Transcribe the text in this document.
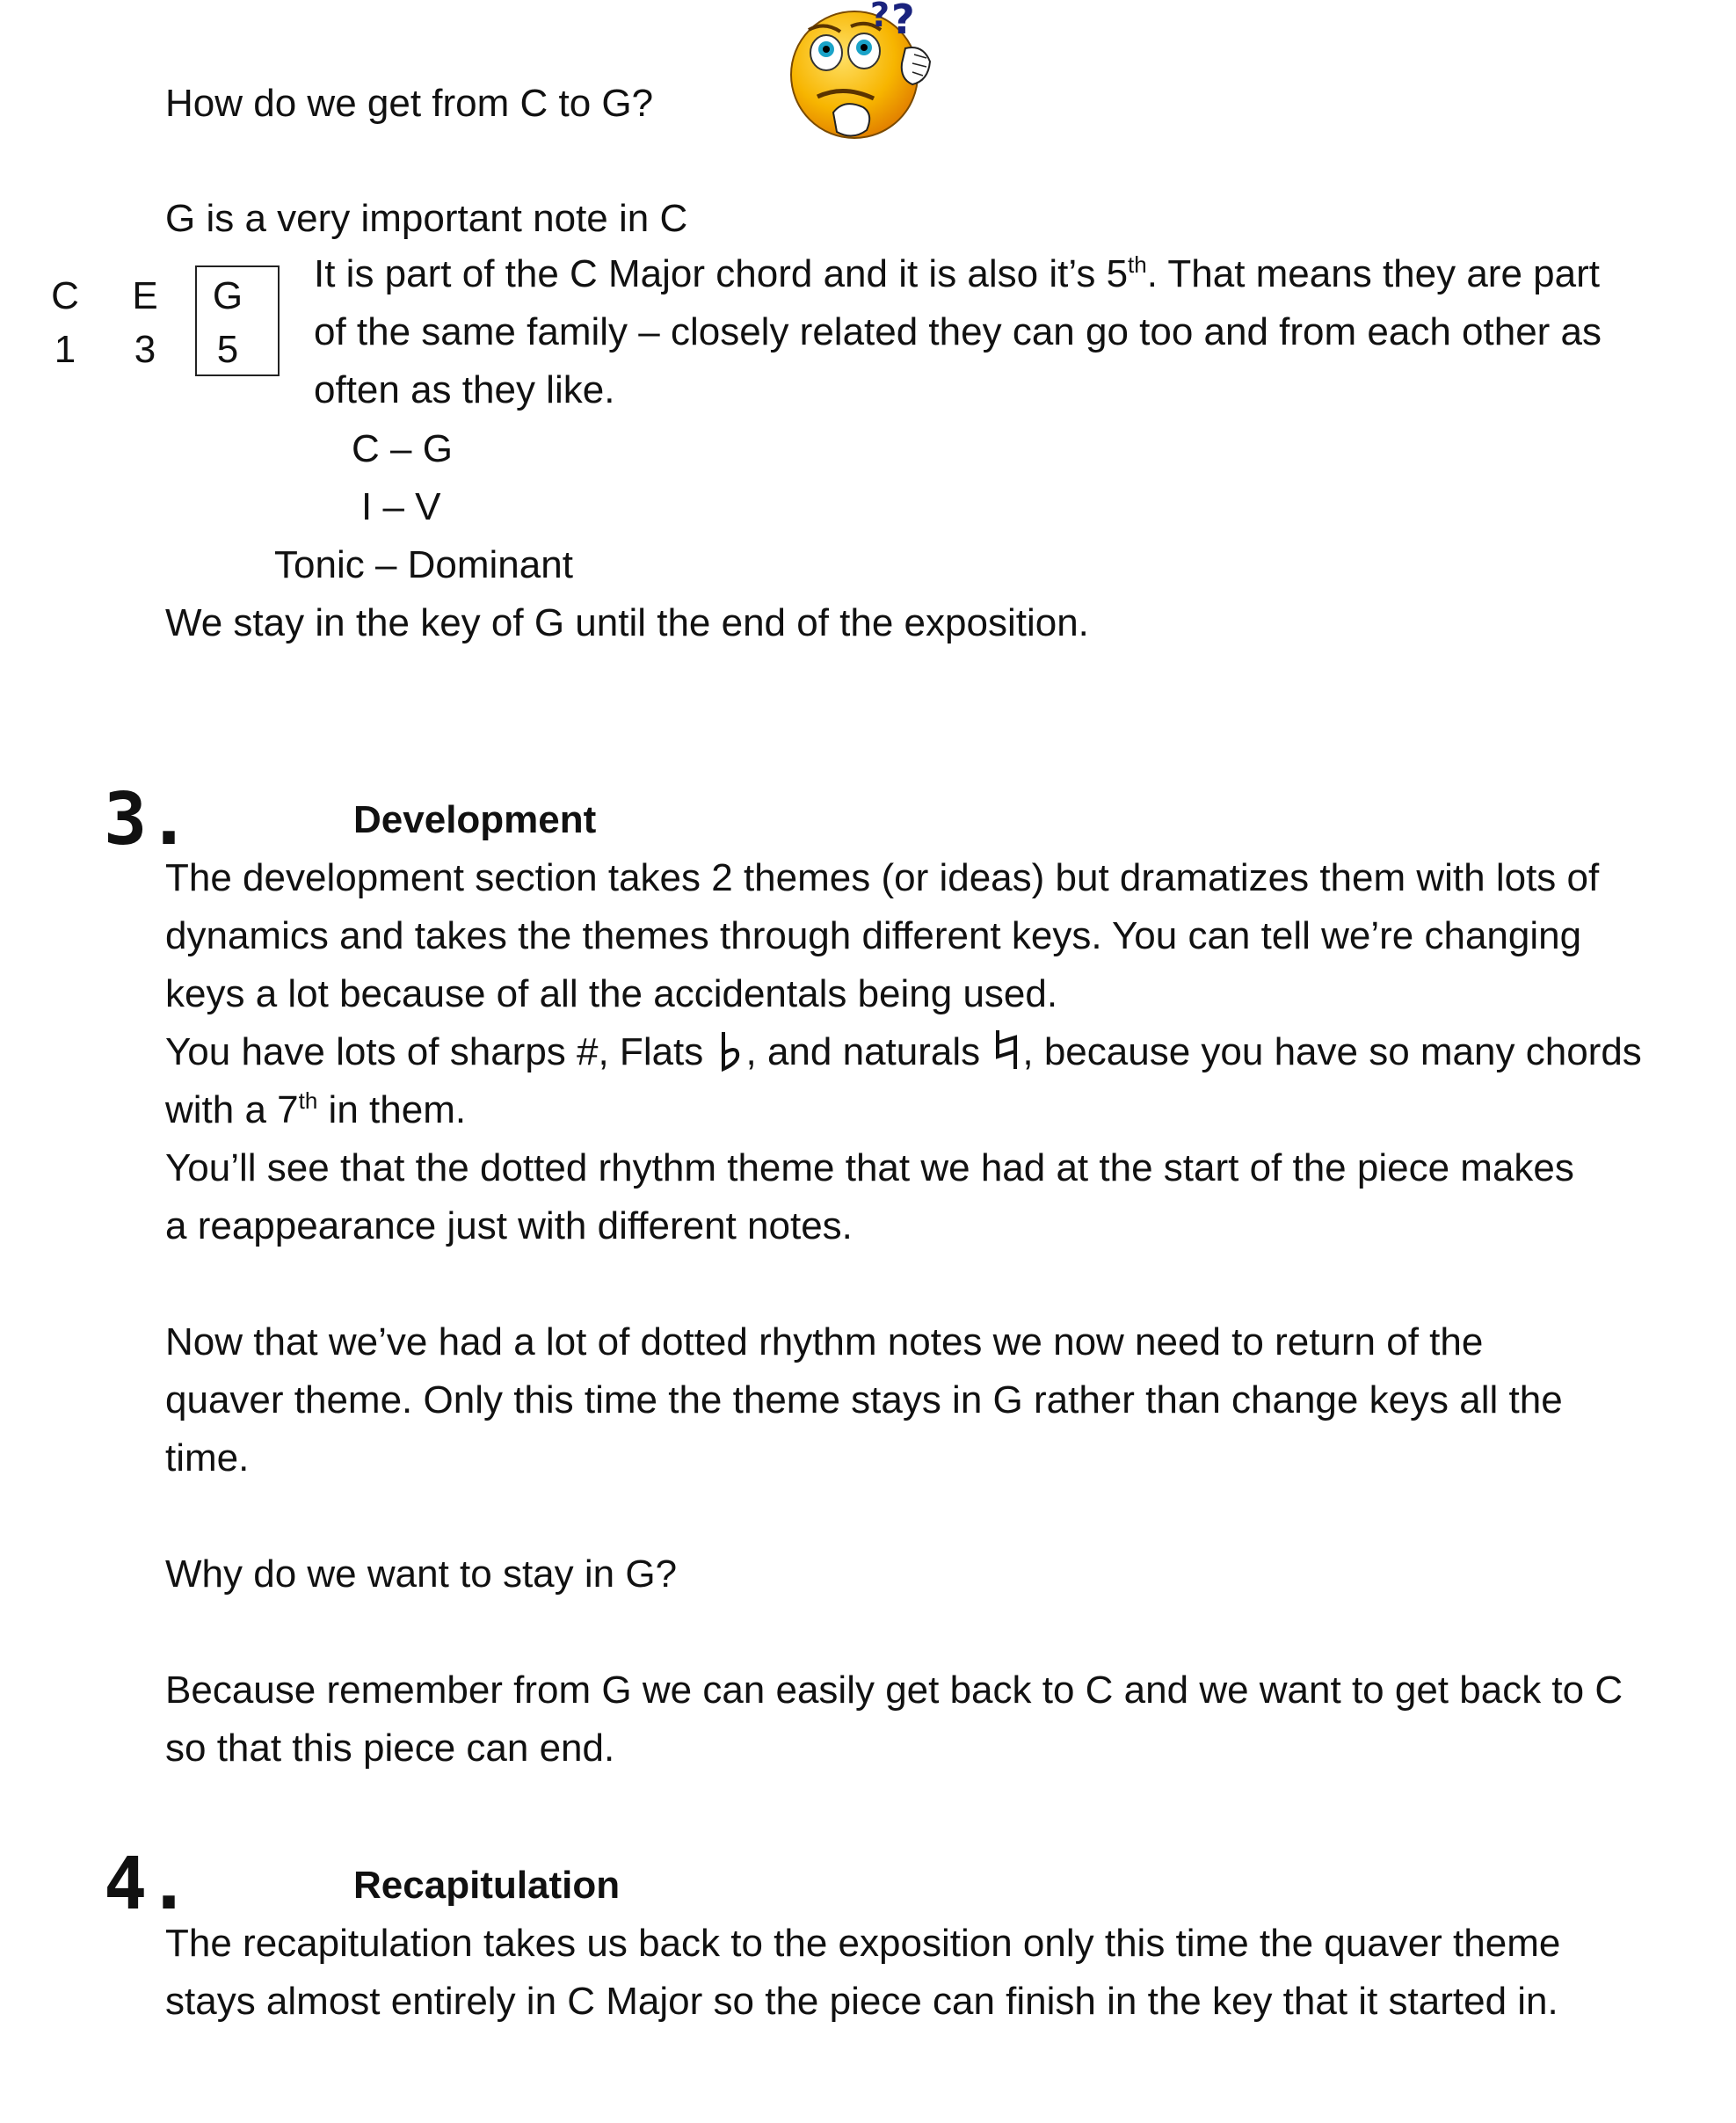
How do we get from C to G?
? ?
G is a very important note in C
C E G
1 3 5
It is part of the C Major chord and it is also it’s 5th. That means they are part
of the same family – closely related they can go too and from each other as
often as they like.
C – G
I – V
Tonic – Dominant
We stay in the key of G until the end of the exposition.
3.	Development
The development section takes 2 themes (or ideas) but dramatizes them with lots of
dynamics and takes the themes through different keys. You can tell we’re changing
keys a lot because of all the accidentals being used.
You have lots of sharps #, Flats , and naturals , because you have so many chords
with a 7th in them.
You’ll see that the dotted rhythm theme that we had at the start of the piece makes
a reappearance just with different notes.
Now that we’ve had a lot of dotted rhythm notes we now need to return of the
quaver theme. Only this time the theme stays in G rather than change keys all the
time.
Why do we want to stay in G?
Because remember from G we can easily get back to C and we want to get back to C
so that this piece can end.
4.	Recapitulation
The recapitulation takes us back to the exposition only this time the quaver theme
stays almost entirely in C Major so the piece can finish in the key that it started in.
